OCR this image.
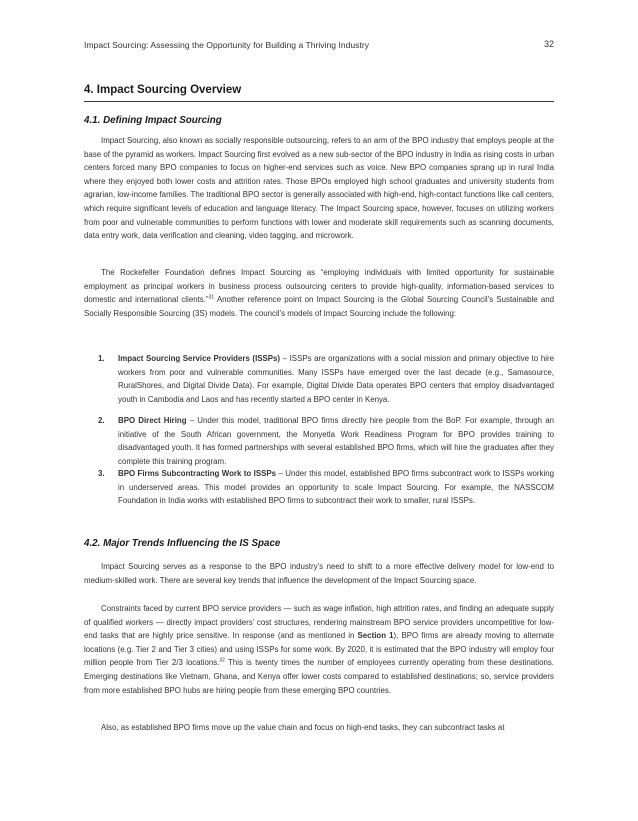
Impact Sourcing: Assessing the Opportunity for Building a Thriving Industry	32
4. Impact Sourcing Overview
4.1. Defining Impact Sourcing
Impact Sourcing, also known as socially responsible outsourcing, refers to an arm of the BPO industry that employs people at the base of the pyramid as workers. Impact Sourcing first evolved as a new sub-sector of the BPO industry in India as rising costs in urban centers forced many BPO companies to focus on higher-end services such as voice. New BPO companies sprang up in rural India where they enjoyed both lower costs and attrition rates. Those BPOs employed high school graduates and university students from agrarian, low-income families. The traditional BPO sector is generally associated with high-end, high-contact functions like call centers, which require significant levels of education and language literacy. The Impact Sourcing space, however, focuses on utilizing workers from poor and vulnerable communities to perform functions with lower and moderate skill requirements such as scanning documents, data entry work, data verification and cleaning, video tagging, and microwork.
The Rockefeller Foundation defines Impact Sourcing as “employing individuals with limited opportunity for sustainable employment as principal workers in business process outsourcing centers to provide high-quality, information-based services to domestic and international clients.”$^{31}$ Another reference point on Impact Sourcing is the Global Sourcing Council’s Sustainable and Socially Responsible Sourcing (3S) models. The council’s models of Impact Sourcing include the following:
1. Impact Sourcing Service Providers (ISSPs) – ISSPs are organizations with a social mission and primary objective to hire workers from poor and vulnerable communities. Many ISSPs have emerged over the last decade (e.g., Samasource, RuralShores, and Digital Divide Data). For example, Digital Divide Data operates BPO centers that employ disadvantaged youth in Cambodia and Laos and has recently started a BPO center in Kenya.
2. BPO Direct Hiring – Under this model, traditional BPO firms directly hire people from the BoP. For example, through an initiative of the South African government, the Monyetla Work Readiness Program for BPO provides training to disadvantaged youth. It has formed partnerships with several established BPO firms, which will hire the graduates after they complete this training program.
3. BPO Firms Subcontracting Work to ISSPs – Under this model, established BPO firms subcontract work to ISSPs working in underserved areas. This model provides an opportunity to scale Impact Sourcing. For example, the NASSCOM Foundation in India works with established BPO firms to subcontract their work to smaller, rural ISSPs.
4.2. Major Trends Influencing the IS Space
Impact Sourcing serves as a response to the BPO industry’s need to shift to a more effective delivery model for low-end to medium-skilled work. There are several key trends that influence the development of the Impact Sourcing space.
Constraints faced by current BPO service providers — such as wage inflation, high attrition rates, and finding an adequate supply of qualified workers — directly impact providers’ cost structures, rendering mainstream BPO service providers uncompetitive for low-end tasks that are highly price sensitive. In response (and as mentioned in Section 1), BPO firms are already moving to alternate locations (e.g. Tier 2 and Tier 3 cities) and using ISSPs for some work. By 2020, it is estimated that the BPO industry will employ four million people from Tier 2/3 locations.$^{32}$ This is twenty times the number of employees currently operating from these destinations. Emerging destinations like Vietnam, Ghana, and Kenya offer lower costs compared to established destinations; so, service providers from more established BPO hubs are hiring people from these emerging BPO countries.
Also, as established BPO firms move up the value chain and focus on high-end tasks, they can subcontract tasks at
